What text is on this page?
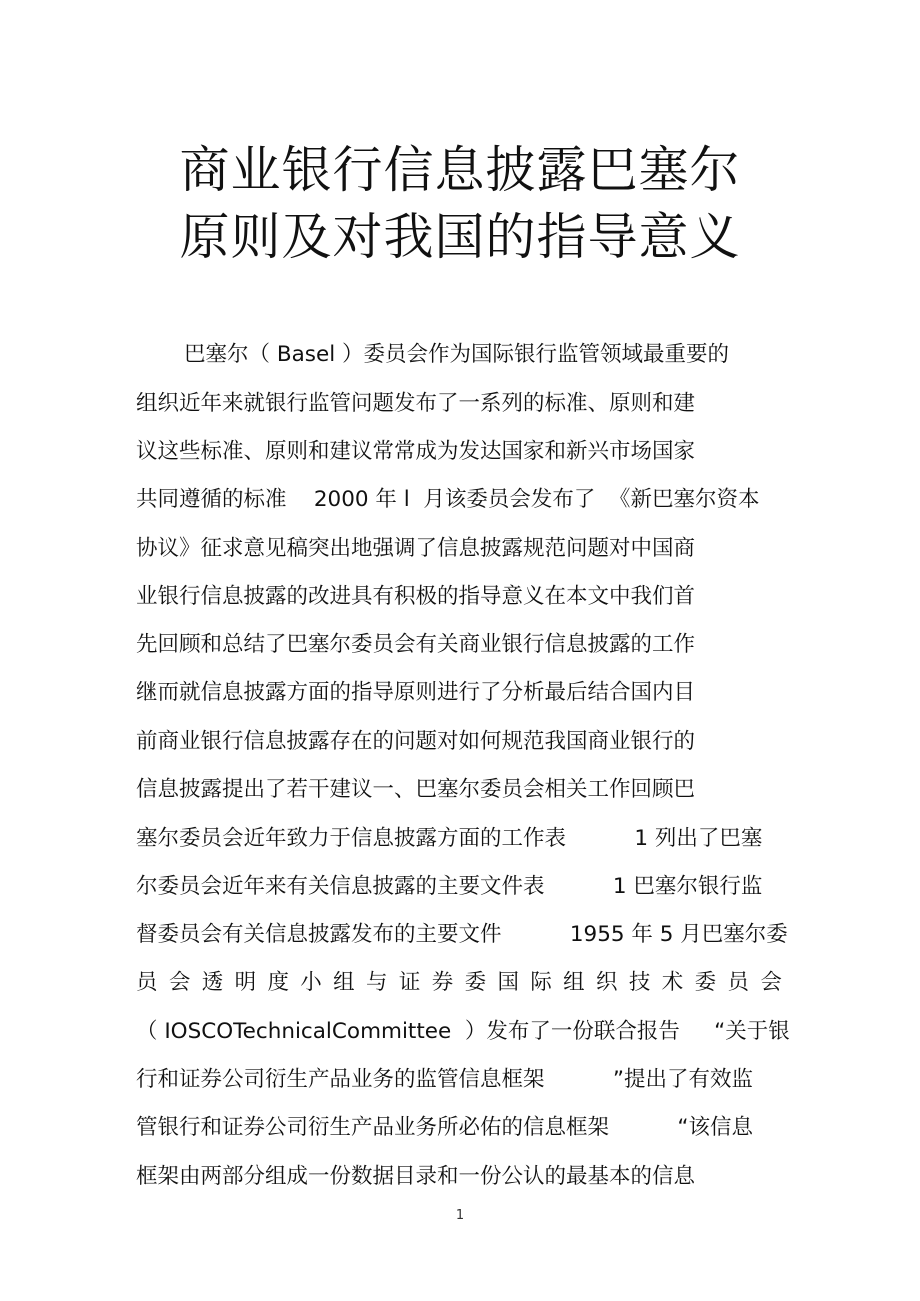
商业银行信息披露巴塞尔
原则及对我国的指导意义
巴塞尔（ Basel ）委员会作为国际银行监管领域最重要的
组织近年来就银行监管问题发布了一系列的标准、原则和建
议这些标准、原则和建议常常成为发达国家和新兴市场国家
共同遵循的标准    2000 年 l  月该委员会发布了  《新巴塞尔资本
协议》征求意见稿突出地强调了信息披露规范问题对中国商
业银行信息披露的改进具有积极的指导意义在本文中我们首
先回顾和总结了巴塞尔委员会有关商业银行信息披露的工作
继而就信息披露方面的指导原则进行了分析最后结合国内目
前商业银行信息披露存在的问题对如何规范我国商业银行的
信息披露提出了若干建议一、巴塞尔委员会相关工作回顾巴
塞尔委员会近年致力于信息披露方面的工作表          1 列出了巴塞
尔委员会近年来有关信息披露的主要文件表          1 巴塞尔银行监
督委员会有关信息披露发布的主要文件          1955 年 5 月巴塞尔委
员 会 透 明 度 小 组 与 证 券 委 国 际 组 织 技 术 委 员 会
（ IOSCOTechnicalCommittee  ）发布了一份联合报告     “关于银
行和证券公司衍生产品业务的监管信息框架          ”提出了有效监
管银行和证券公司衍生产品业务所必佑的信息框架          “该信息
框架由两部分组成一份数据目录和一份公认的最基本的信息
1
